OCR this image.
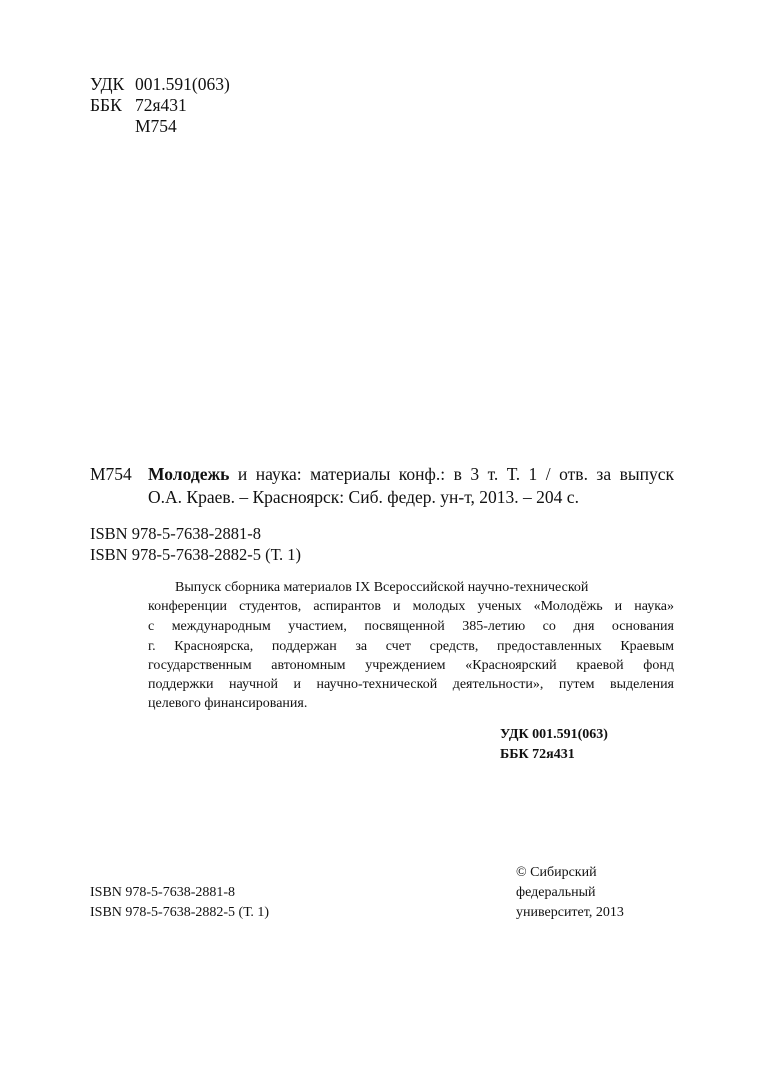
УДК 001.591(063)
ББК 72я431
М754
М754 Молодежь и наука: материалы конф.: в 3 т. Т. 1 / отв. за выпуск
О.А. Краев. – Красноярск: Сиб. федер. ун-т, 2013. – 204 с.
ISBN 978-5-7638-2881-8
ISBN 978-5-7638-2882-5 (Т. 1)
Выпуск сборника материалов IX Всероссийской научно-технической
конференции студентов, аспирантов и молодых ученых «Молодёжь и наука»
с международным участием, посвященной 385-летию со дня основания
г. Красноярска, поддержан за счет средств, предоставленных Краевым
государственным автономным учреждением «Красноярский краевой фонд
поддержки научной и научно-технической деятельности», путем выделения
целевого финансирования.
УДК 001.591(063)
ББК 72я431
ISBN 978-5-7638-2881-8
ISBN 978-5-7638-2882-5 (Т. 1)
© Сибирский
федеральный
университет, 2013
